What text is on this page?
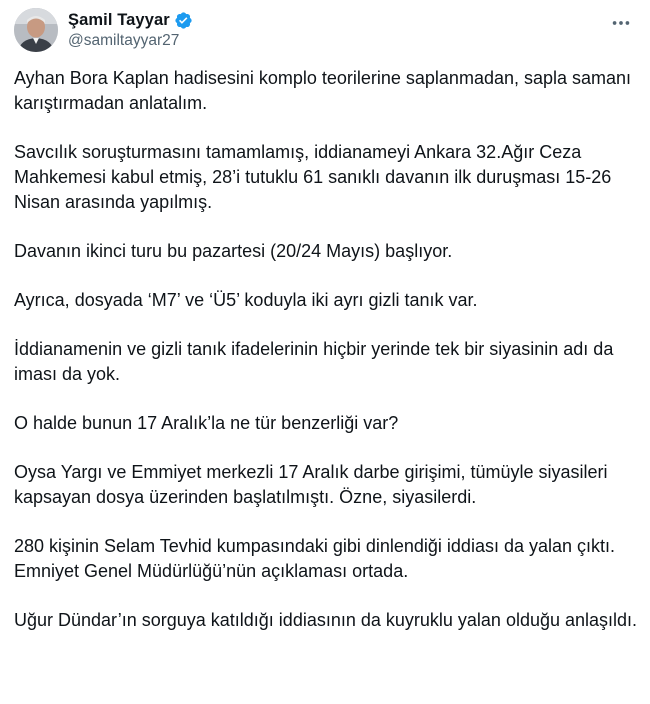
Şamil Tayyar
@samiltayyar27

Ayhan Bora Kaplan hadisesini komplo teorilerine saplanmadan, sapla samanı karıştırmadan anlatalım.

Savcılık soruşturmasını tamamlamış, iddianameyi Ankara 32.Ağır Ceza Mahkemesi kabul etmiş, 28’i tutuklu 61 sanıklı davanın ilk duruşması 15-26 Nisan arasında yapılmış.

Davanın ikinci turu bu pazartesi (20/24 Mayıs) başlıyor.

Ayrıca, dosyada ‘M7’ ve ‘Ü5’ koduyla iki ayrı gizli tanık var.

İddianamenin ve gizli tanık ifadelerinin hiçbir yerinde tek bir siyasinin adı da iması da yok.

O halde bunun 17 Aralık’la ne tür benzerliği var?

Oysa Yargı ve Emmiyet merkezli 17 Aralık darbe girişimi, tümüyle siyasileri kapsayan dosya üzerinden başlatılmıştı. Özne, siyasilerdi.

280 kişinin Selam Tevhid kumpasındaki gibi dinlendiği iddiası da yalan çıktı. Emniyet Genel Müdürlüğü’nün açıklaması ortada.

Uğur Dündar’ın sorguya katıldığı iddiasının da kuyruklu yalan olduğu anlaşıldı.
